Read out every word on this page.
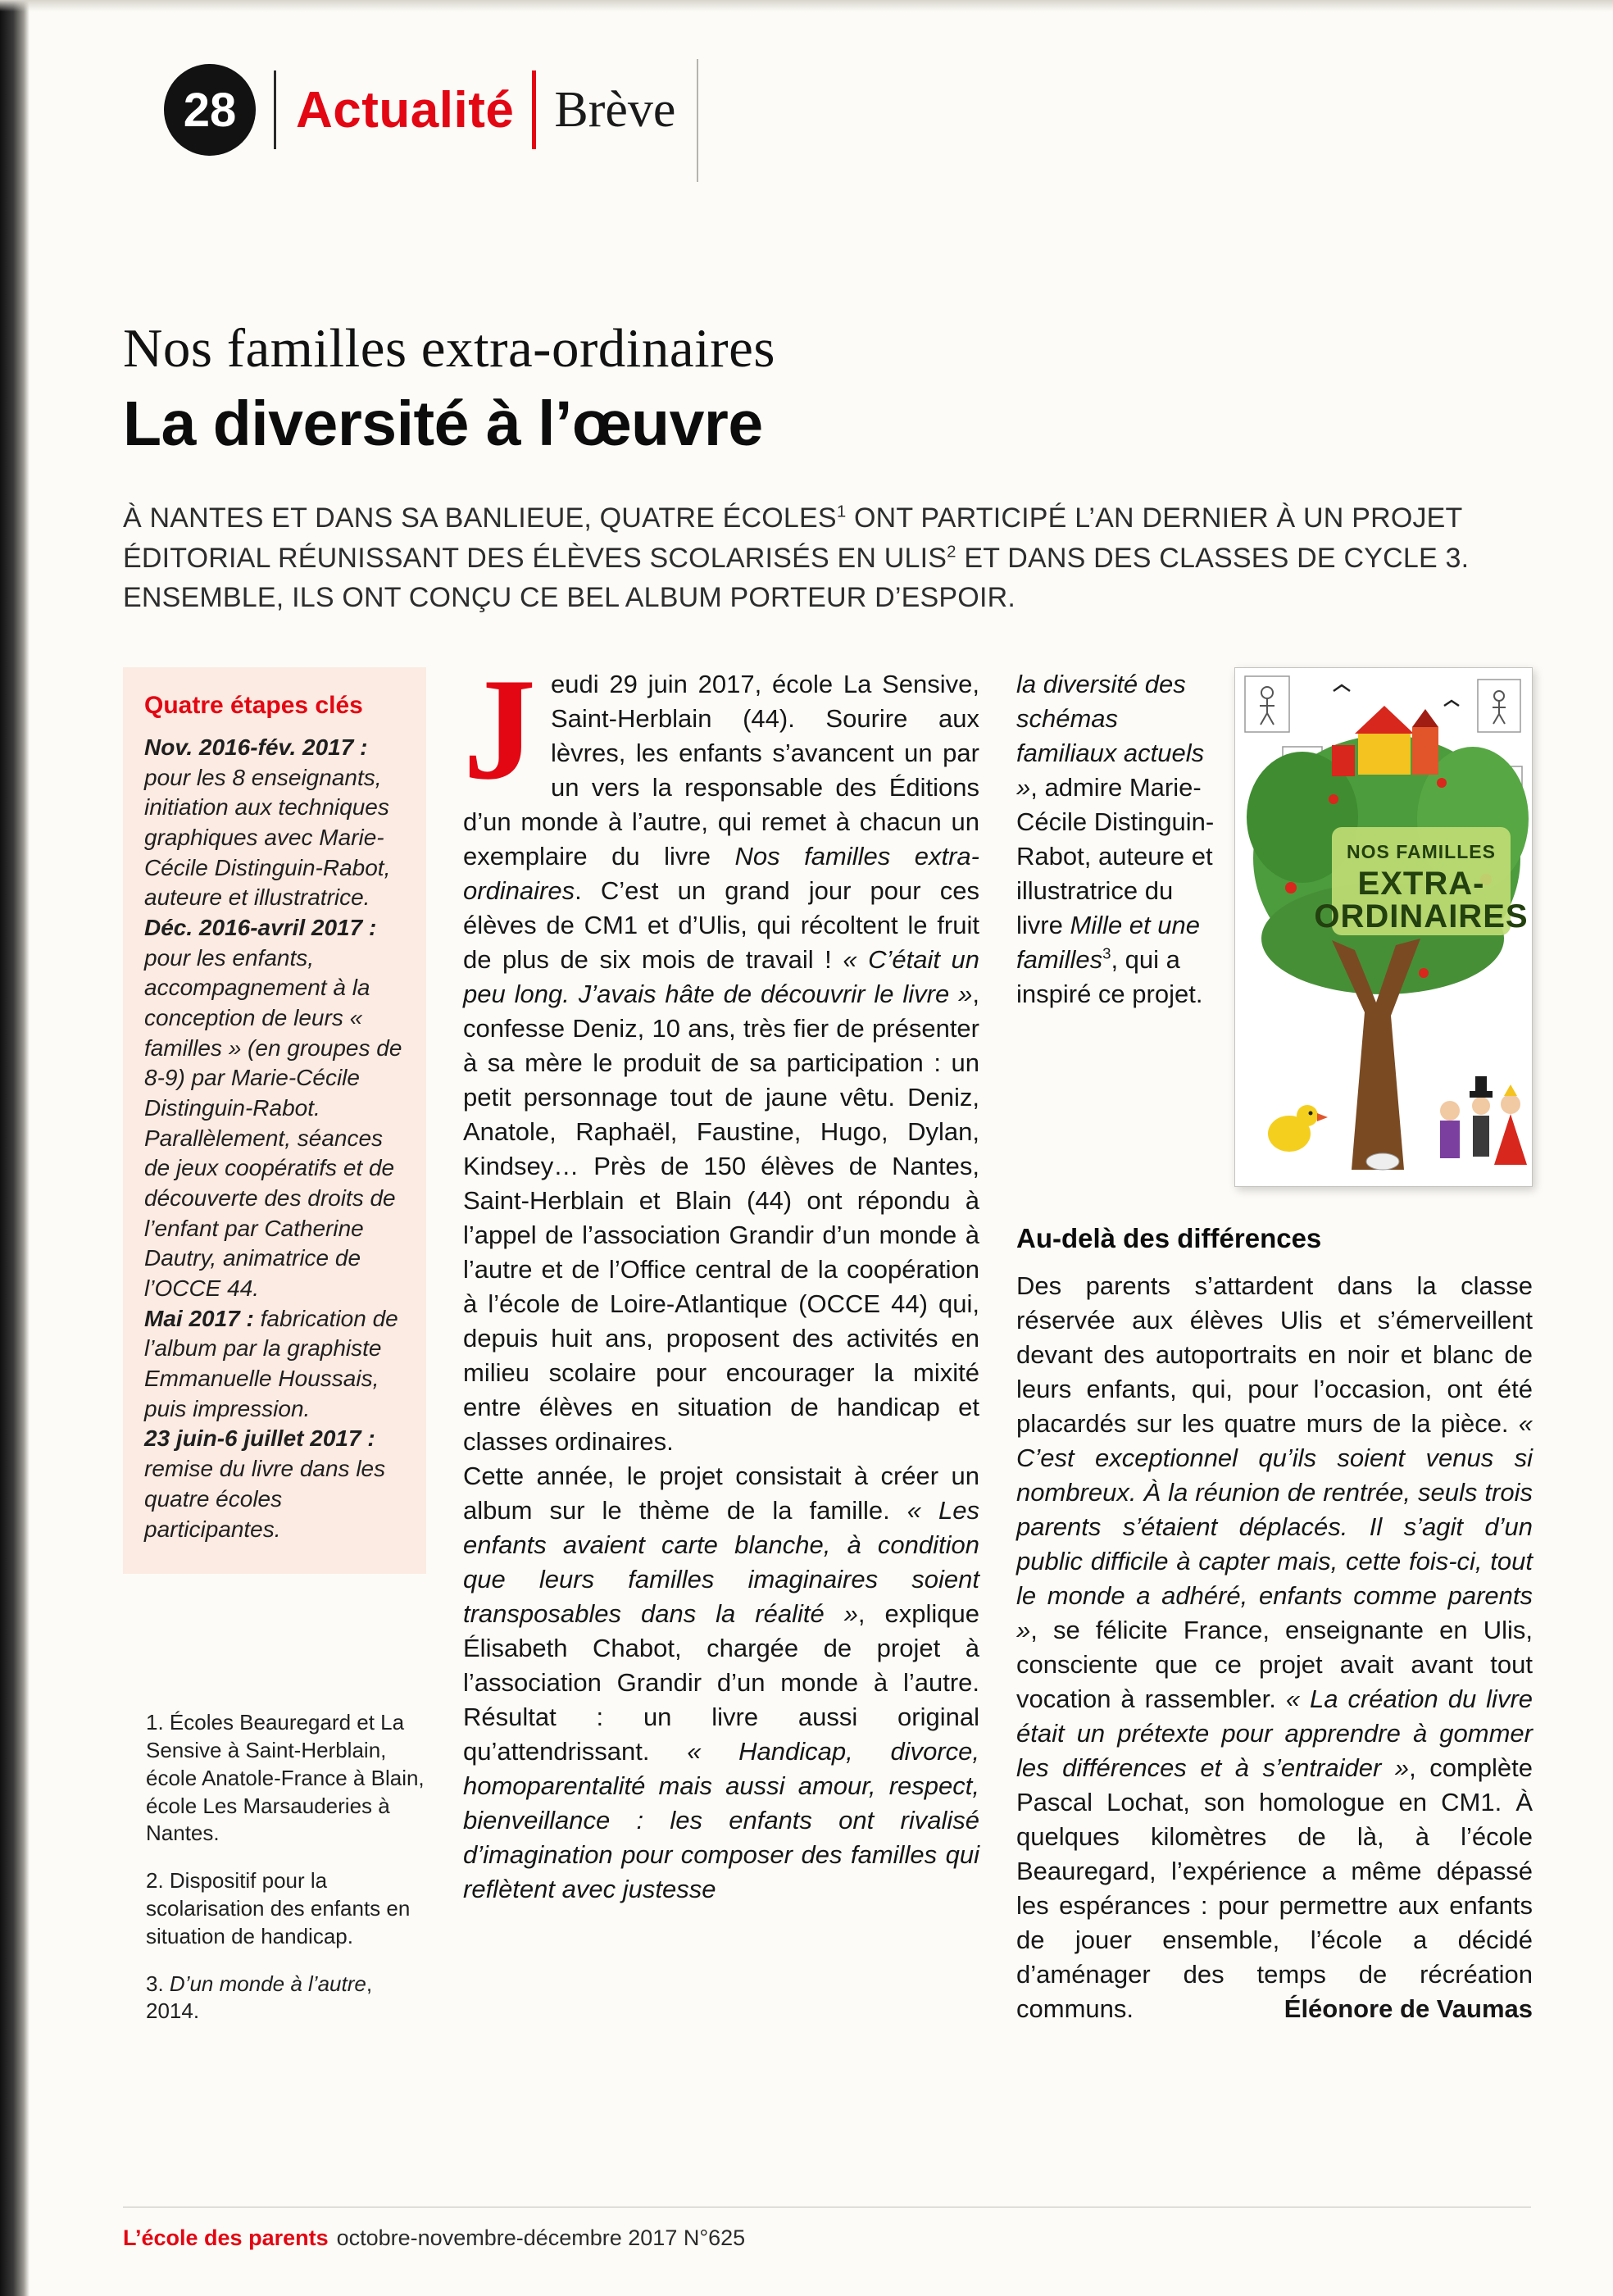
28	Actualité Brève
Nos familles extra-ordinaires
La diversité à l’œuvre

À NANTES ET DANS SA BANLIEUE, QUATRE ÉCOLES$^1$ ONT PARTICIPÉ L’AN DERNIER À UN PROJET ÉDITORIAL RÉUNISSANT DES ÉLÈVES SCOLARISÉS EN ULIS$^2$ ET DANS DES CLASSES DE CYCLE 3. ENSEMBLE, ILS ONT CONÇU CE BEL ALBUM PORTEUR D’ESPOIR.

Quatre étapes clés

Nov. 2016-fév. 2017 : pour les 8 enseignants, initiation aux techniques graphiques avec Marie-Cécile Distinguin-Rabot, auteure et illustratrice.

Déc. 2016-avril 2017 : pour les enfants, accompagnement à la conception de leurs « familles » (en groupes de 8-9) par Marie-Cécile Distinguin-Rabot. Parallèlement, séances de jeux coopératifs et de découverte des droits de l’enfant par Catherine Dautry, animatrice de l’OCCE 44.

Mai 2017 : fabrication de l’album par la graphiste Emmanuelle Houssais, puis impression.

23 juin-6 juillet 2017 : remise du livre dans les quatre écoles participantes.

1. Écoles Beauregard et La Sensive à Saint-Herblain, école Anatole-France à Blain, école Les Marsauderies à Nantes.

2. Dispositif pour la scolarisation des enfants en situation de handicap.

3. D’un monde à l’autre, 2014.

Jeudi 29 juin 2017, école La Sensive, Saint-Herblain (44). Sourire aux lèvres, les enfants s’avancent un par un vers la responsable des Éditions d’un monde à l’autre, qui remet à chacun un exemplaire du livre Nos familles extra-ordinaires. C’est un grand jour pour ces élèves de CM1 et d’Ulis, qui récoltent le fruit de plus de six mois de travail ! « C’était un peu long. J’avais hâte de découvrir le livre », confesse Deniz, 10 ans, très fier de présenter à sa mère le produit de sa participation : un petit personnage tout de jaune vêtu. Deniz, Anatole, Raphaël, Faustine, Hugo, Dylan, Kindsey… Près de 150 élèves de Nantes, Saint-Herblain et Blain (44) ont répondu à l’appel de l’association Grandir d’un monde à l’autre et de l’Office central de la coopération à l’école de Loire-Atlantique (OCCE 44) qui, depuis huit ans, proposent des activités en milieu scolaire pour encourager la mixité entre élèves en situation de handicap et classes ordinaires.

Cette année, le projet consistait à créer un album sur le thème de la famille. « Les enfants avaient carte blanche, à condition que leurs familles imaginaires soient transposables dans la réalité », explique Élisabeth Chabot, chargée de projet à l’association Grandir d’un monde à l’autre. Résultat : un livre aussi original qu’attendrissant. « Handicap, divorce, homoparentalité mais aussi amour, respect, bienveillance : les enfants ont rivalisé d’imagination pour composer des familles qui reflètent avec justesse

la diversité des schémas familiaux actuels », admire Marie-Cécile Distinguin-Rabot, auteure et illustratrice du livre Mille et une familles$^3$, qui a inspiré ce projet.

NOS FAMILLES
EXTRA-
ORDINAIRES
Au-delà des différences

Des parents s’attardent dans la classe réservée aux élèves Ulis et s’émerveillent devant des autoportraits en noir et blanc de leurs enfants, qui, pour l’occasion, ont été placardés sur les quatre murs de la pièce. « C’est exceptionnel qu’ils soient venus si nombreux. À la réunion de rentrée, seuls trois parents s’étaient déplacés. Il s’agit d’un public difficile à capter mais, cette fois-ci, tout le monde a adhéré, enfants comme parents », se félicite France, enseignante en Ulis, consciente que ce projet avait avant tout vocation à rassembler. « La création du livre était un prétexte pour apprendre à gommer les différences et à s’entraider », complète Pascal Lochat, son homologue en CM1. À quelques kilomètres de là, à l’école Beauregard, l’expérience a même dépassé les espérances : pour permettre aux enfants de jouer ensemble, l’école a décidé d’aménager des temps de récréation communs.	Éléonore de Vaumas

L’école des parents octobre-novembre-décembre 2017 N°625
